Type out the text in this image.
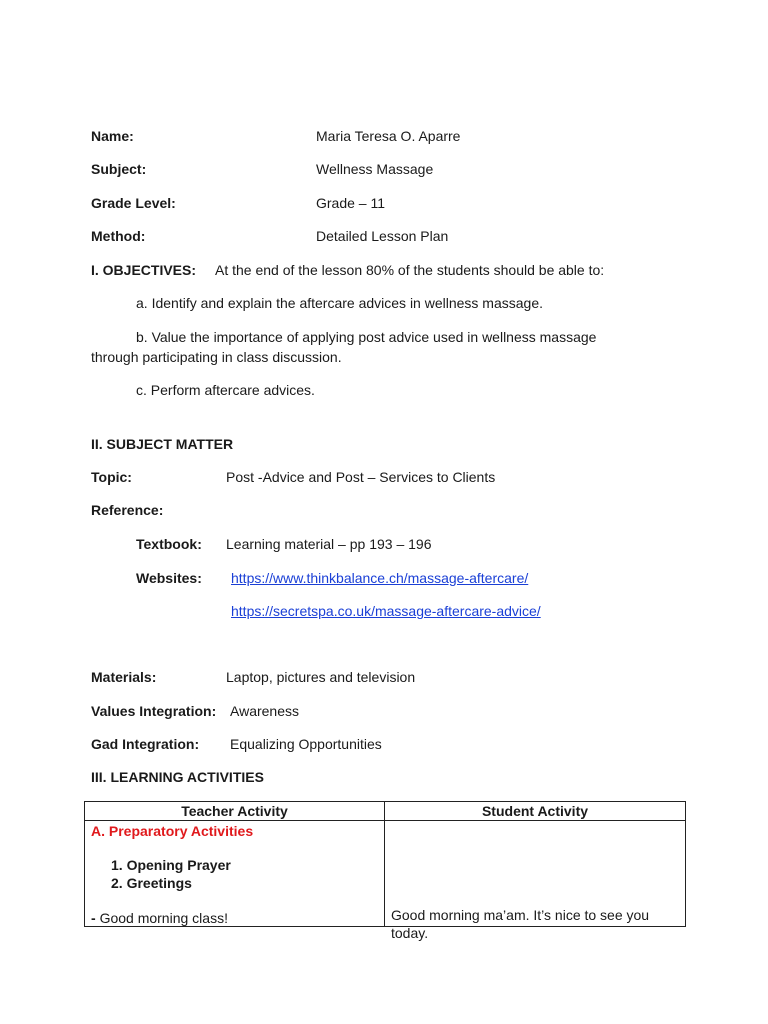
Name:	Maria Teresa O. Aparre
Subject:	Wellness Massage
Grade Level:	Grade – 11
Method:	Detailed Lesson Plan
I. OBJECTIVES: At the end of the lesson 80% of the students should be able to:
a. Identify and explain the aftercare advices in wellness massage.
b. Value the importance of applying post advice used in wellness massage
through participating in class discussion.
c. Perform aftercare advices.
II. SUBJECT MATTER
Topic:	Post -Advice and Post – Services to Clients
Reference:
Textbook: Learning material – pp 193 – 196
Websites: https://www.thinkbalance.ch/massage-aftercare/
https://secretspa.co.uk/massage-aftercare-advice/
Materials:	Laptop, pictures and television
Values Integration: Awareness
Gad Integration: Equalizing Opportunities
III. LEARNING ACTIVITIES
Teacher Activity	Student Activity

A. Preparatory Activities
1. Opening Prayer
2. Greetings
- Good morning class!	Good morning ma’am. It’s nice to see you today.
